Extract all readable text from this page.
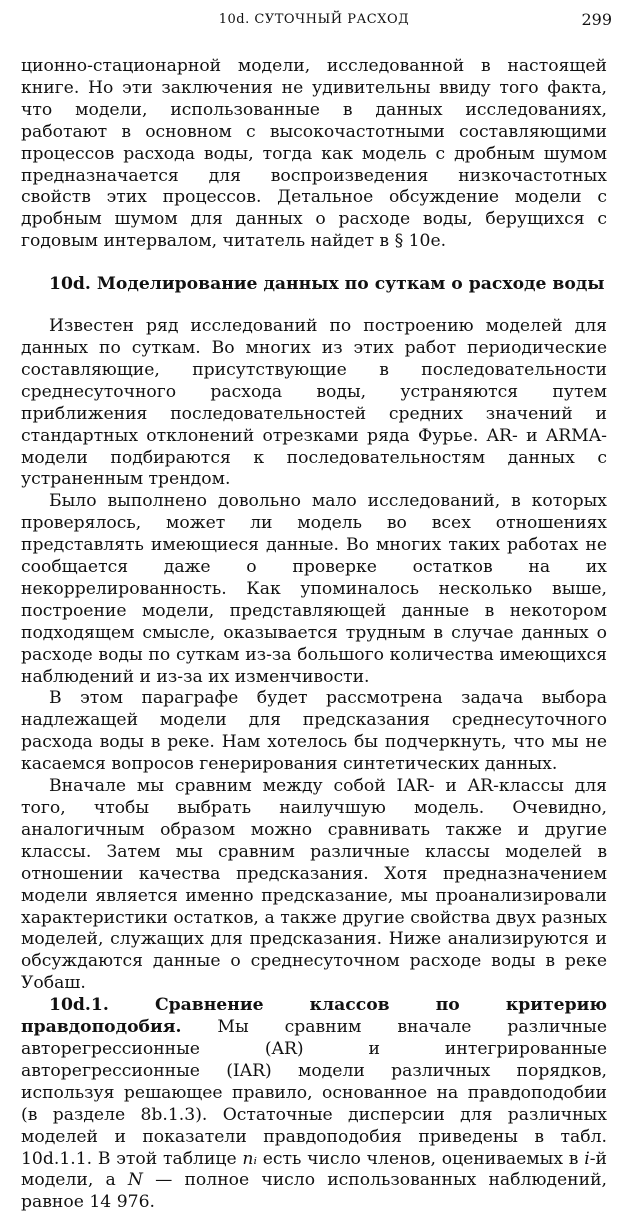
10d. СУТОЧНЫЙ РАСХОД	299

ционно-стационарной модели, исследованной в настоящей книге. Но эти заключения не удивительны ввиду того факта, что модели, использованные в данных исследованиях, работают в основном с высокочастотными составляющими процессов расхода воды, тогда как модель с дробным шумом предназначается для воспроизведения низкочастотных свойств этих процессов. Детальное обсуждение модели с дробным шумом для данных о расходе воды, берущихся с годовым интервалом, читатель найдет в § 10е.

10d. Моделирование данных по суткам о расходе воды

Известен ряд исследований по построению моделей для данных по суткам. Во многих из этих работ периодические составляющие, присутствующие в последовательности среднесуточного расхода воды, устраняются путем приближения последовательностей средних значений и стандартных отклонений отрезками ряда Фурье. AR- и ARMA-модели подбираются к последовательностям данных с устраненным трендом.

Было выполнено довольно мало исследований, в которых проверялось, может ли модель во всех отношениях представлять имеющиеся данные. Во многих таких работах не сообщается даже о проверке остатков на их некоррелированность. Как упоминалось несколько выше, построение модели, представляющей данные в некотором подходящем смысле, оказывается трудным в случае данных о расходе воды по суткам из-за большого количества имеющихся наблюдений и из-за их изменчивости.

В этом параграфе будет рассмотрена задача выбора надлежащей модели для предсказания среднесуточного расхода воды в реке. Нам хотелось бы подчеркнуть, что мы не касаемся вопросов генерирования синтетических данных.

Вначале мы сравним между собой IAR- и AR-классы для того, чтобы выбрать наилучшую модель. Очевидно, аналогичным образом можно сравнивать также и другие классы. Затем мы сравним различные классы моделей в отношении качества предсказания. Хотя предназначением модели является именно предсказание, мы проанализировали характеристики остатков, а также другие свойства двух разных моделей, служащих для предсказания. Ниже анализируются и обсуждаются данные о среднесуточном расходе воды в реке Уобаш.

10d.1. Сравнение классов по критерию правдоподобия. Мы сравним вначале различные авторегрессионные (AR) и интегрированные авторегрессионные (IAR) модели различных порядков, используя решающее правило, основанное на правдоподобии (в разделе 8b.1.3). Остаточные дисперсии для различных моделей и показатели правдоподобия приведены в табл. 10d.1.1. В этой таблице nᵢ есть число членов, оцениваемых в i-й модели, а N — полное число использованных наблюдений, равное 14 976.
